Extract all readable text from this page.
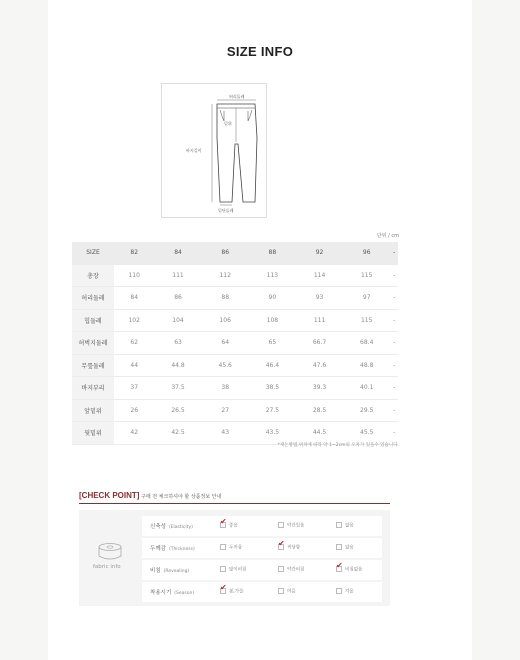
SIZE INFO
허리둘레
밑위
바지길이
밑단둘레
단위 / cm
SIZE	82	84	86	88	92	96	-
총장	110	111	112	113	114	115	-
허리둘레	84	86	88	90	93	97	-
힙둘레	102	104	106	108	111	115	-
허벅지둘레	62	63	64	65	66.7	68.4	-
무릎둘레	44	44.8	45.6	46.4	47.6	48.8	-
바지부리	37	37.5	38	38.5	39.3	40.1	-
앞밑위	26	26.5	27	27.5	28.5	29.5	-
뒷밑위	42	42.5	43	43.5	44.5	45.5	-
*재는방법,위치에 따라 약 1~2cm의 오차가 있을수 있습니다.
[CHECK POINT] 구매 전 체크하셔야 할 상품정보 안내
fabric info
신축성 (Elasticity) ✔	좋음	약간있음	없음
두께감 (Thickness)	두꺼움 ✔	적당함	얇음
비침 (Revealing)	많이비침	약간비침 ✔	비침없음
착용시기 (Season) ✔	봄,가을	여름	겨울
